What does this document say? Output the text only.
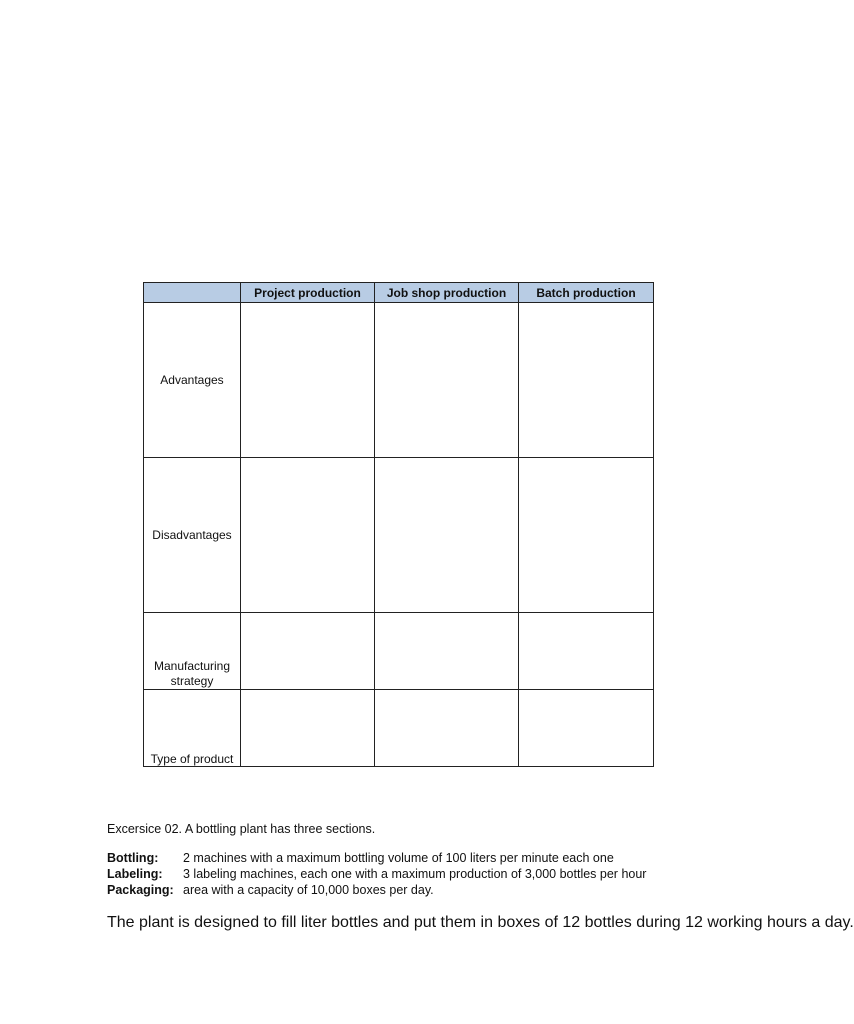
	Project production	Job shop production	Batch production
Advantages			
Disadvantages			
Manufacturing strategy			
Type of product			
Excersice 02. A bottling plant has three sections.
Bottling: 2 machines with a maximum bottling volume of 100 liters per minute each one
Labeling: 3 labeling machines, each one with a maximum production of 3,000 bottles per hour
Packaging: area with a capacity of 10,000 boxes per day.
The plant is designed to fill liter bottles and put them in boxes of 12 bottles during 12 working hours a day.
